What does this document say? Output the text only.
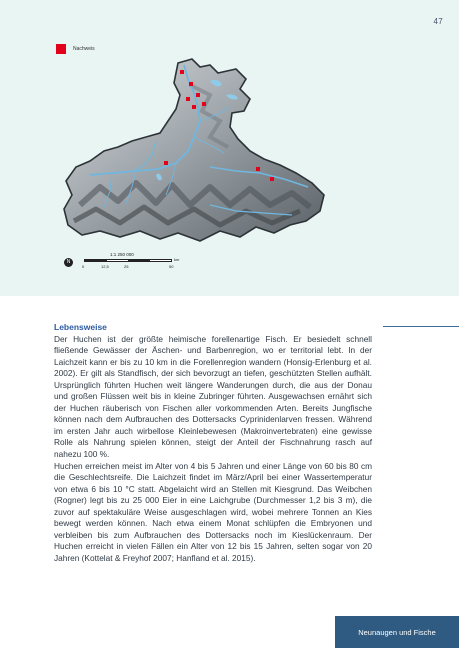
47
Nachweis
1:1 250 000
N	km
0	12,5	25	50
Lebensweise

Der Huchen ist der größte heimische forellenartige Fisch. Er besiedelt schnell fließende Gewässer der Äschen- und Barbenregion, wo er territorial lebt. In der Laichzeit kann er bis zu 10 km in die Forellenregion wandern (Honsig-Erlenburg et al. 2002). Er gilt als Standfisch, der sich bevorzugt an tiefen, geschützten Stellen aufhält. Ursprünglich führten Huchen weit längere Wanderungen durch, die aus der Donau und großen Flüssen weit bis in kleine Zubringer führten. Ausgewachsen ernährt sich der Huchen räuberisch von Fischen aller vorkommenden Arten. Bereits Jungfische können nach dem Aufbrauchen des Dottersacks Cyprinidenlarven fressen. Während im ersten Jahr auch wirbellose Kleinlebewesen (Makroinvertebraten) eine gewisse Rolle als Nahrung spielen können, steigt der Anteil der Fischnahrung rasch auf nahezu 100 %.

Huchen erreichen meist im Alter von 4 bis 5 Jahren und einer Länge von 60 bis 80 cm die Geschlechtsreife. Die Laichzeit findet im März/April bei einer Wassertemperatur von etwa 6 bis 10 °C statt. Abgelaicht wird an Stellen mit Kiesgrund. Das Weibchen (Rogner) legt bis zu 25 000 Eier in eine Laichgrube (Durchmesser 1,2 bis 3 m), die zuvor auf spektakuläre Weise ausgeschlagen wird, wobei mehrere Tonnen an Kies bewegt werden können. Nach etwa einem Monat schlüpfen die Embryonen und verbleiben bis zum Aufbrauchen des Dottersacks noch im Kieslückenraum. Der Huchen erreicht in vielen Fällen ein Alter von 12 bis 15 Jahren, selten sogar von 20 Jahren (Kottelat & Freyhof 2007; Hanfland et al. 2015).

Neunaugen und Fische
